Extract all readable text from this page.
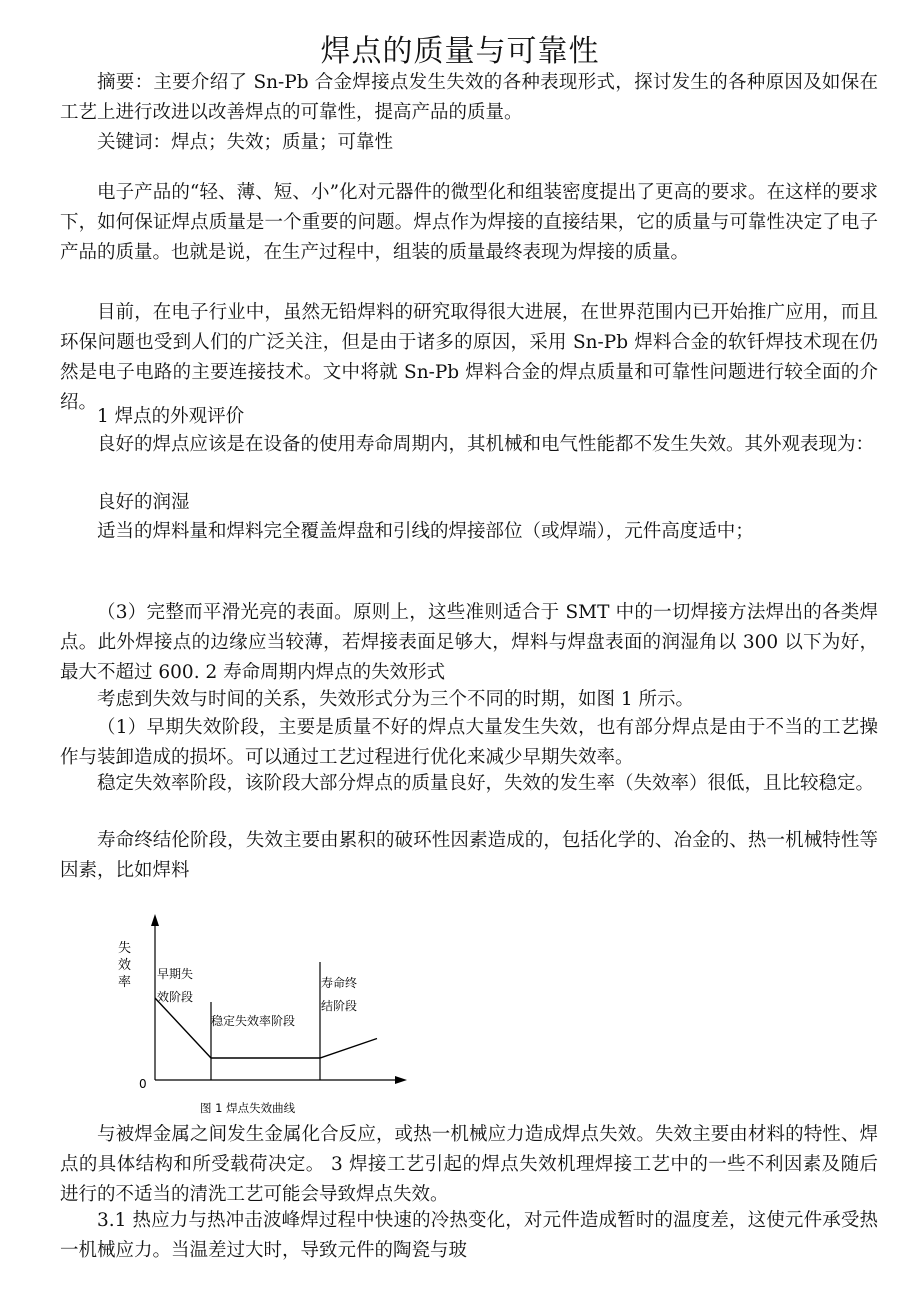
焊点的质量与可靠性

摘要：主要介绍了 Sn-Pb 合金焊接点发生失效的各种表现形式，探讨发生的各种原因及如保在工艺上进行改进以改善焊点的可靠性，提高产品的质量。

关键词：焊点；失效；质量；可靠性

电子产品的“轻、薄、短、小”化对元器件的微型化和组装密度提出了更高的要求。在这样的要求下，如何保证焊点质量是一个重要的问题。焊点作为焊接的直接结果，它的质量与可靠性决定了电子产品的质量。也就是说，在生产过程中，组装的质量最终表现为焊接的质量。

目前，在电子行业中，虽然无铅焊料的研究取得很大进展，在世界范围内已开始推广应用，而且环保问题也受到人们的广泛关注，但是由于诸多的原因，采用 Sn-Pb 焊料合金的软钎焊技术现在仍然是电子电路的主要连接技术。文中将就 Sn-Pb 焊料合金的焊点质量和可靠性问题进行较全面的介绍。

1 焊点的外观评价

良好的焊点应该是在设备的使用寿命周期内，其机械和电气性能都不发生失效。其外观表现为：

良好的润湿

适当的焊料量和焊料完全覆盖焊盘和引线的焊接部位（或焊端），元件高度适中；

（3）完整而平滑光亮的表面。原则上，这些准则适合于 SMT 中的一切焊接方法焊出的各类焊点。此外焊接点的边缘应当较薄，若焊接表面足够大，焊料与焊盘表面的润湿角以 300 以下为好，最大不超过 600. 2 寿命周期内焊点的失效形式

考虑到失效与时间的关系，失效形式分为三个不同的时期，如图 1 所示。

（1）早期失效阶段，主要是质量不好的焊点大量发生失效，也有部分焊点是由于不当的工艺操作与装卸造成的损坏。可以通过工艺过程进行优化来减少早期失效率。

稳定失效率阶段，该阶段大部分焊点的质量良好，失效的发生率（失效率）很低，且比较稳定。

寿命终结伦阶段，失效主要由累积的破环性因素造成的，包括化学的、冶金的、热一机械特性等因素，比如焊料

失
效
率
0
早期失
效阶段
稳定失效率阶段
寿命终
结阶段
图 1 焊点失效曲线

与被焊金属之间发生金属化合反应，或热一机械应力造成焊点失效。失效主要由材料的特性、焊点的具体结构和所受载荷决定。 3 焊接工艺引起的焊点失效机理焊接工艺中的一些不利因素及随后进行的不适当的清洗工艺可能会导致焊点失效。

3.1 热应力与热冲击波峰焊过程中快速的冷热变化，对元件造成暂时的温度差，这使元件承受热一机械应力。当温差过大时，导致元件的陶瓷与玻
